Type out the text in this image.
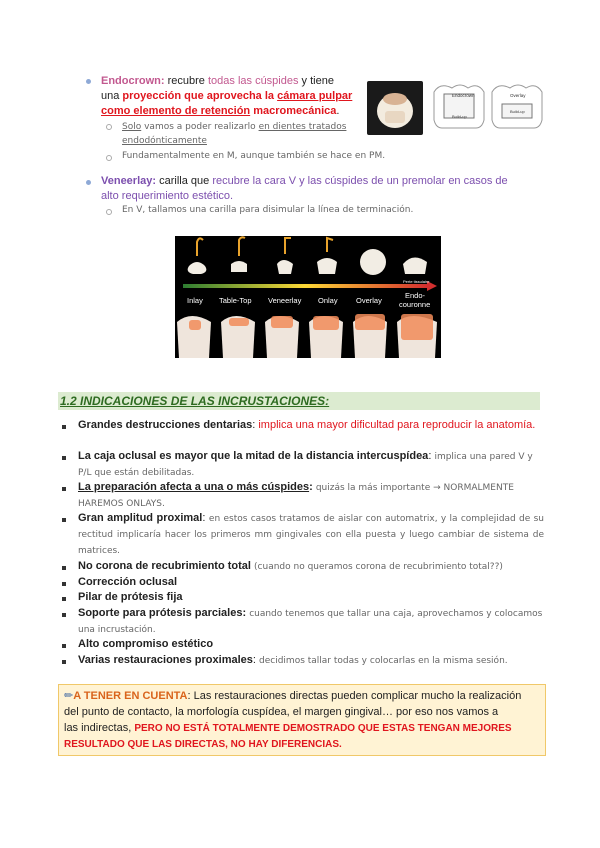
Endocrown: recubre todas las cúspides y tiene
una proyección que aprovecha la cámara pulpar
como elemento de retención macromecánica.
Solo vamos a poder realizarlo en dientes tratados
endodónticamente
Fundamentalmente en M, aunque también se hace en PM.
Endocrown	Overlay
Build-up
Build-up
Veneerlay: carilla que recubre la cara V y las cúspides de un premolar en casos de
alto requerimiento estético.
En V, tallamos una carilla para disimular la línea de terminación.
Perte tissulaire
Inlay Table-Top Veneerlay Onlay Overlay
Endo-
couronne
1.2 INDICACIONES DE LAS INCRUSTACIONES:
Grandes destrucciones dentarias: implica una mayor dificultad para reproducir la anatomía.
La caja oclusal es mayor que la mitad de la distancia intercuspídea: implica una pared V y P/L que están debilitadas.
La preparación afecta a una o más cúspides: quizás la más importante → NORMALMENTE HAREMOS ONLAYS.
Gran amplitud proximal: en estos casos tratamos de aislar con automatrix, y la complejidad de su rectitud implicaría hacer los primeros mm gingivales con ella puesta y luego cambiar de sistema de matrices.
No corona de recubrimiento total (cuando no queramos corona de recubrimiento total??)
Corrección oclusal
Pilar de prótesis fija
Soporte para prótesis parciales: cuando tenemos que tallar una caja, aprovechamos y colocamos una incrustación.
Alto compromiso estético
Varias restauraciones proximales: decidimos tallar todas y colocarlas en la misma sesión.
✏A TENER EN CUENTA: Las restauraciones directas pueden complicar mucho la realización
del punto de contacto, la morfología cuspídea, el margen gingival… por eso nos vamos a
las indirectas, PERO NO ESTÁ TOTALMENTE DEMOSTRADO QUE ESTAS TENGAN MEJORES
RESULTADO QUE LAS DIRECTAS, NO HAY DIFERENCIAS.
